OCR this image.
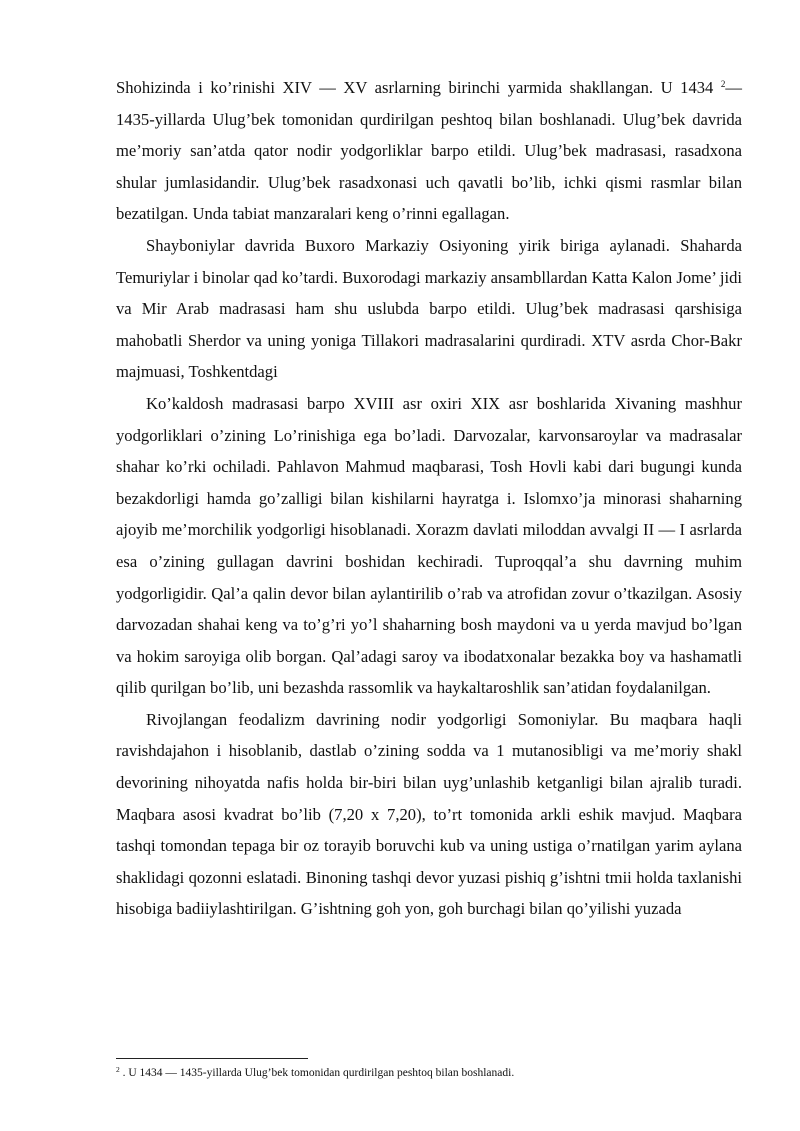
Shohizinda i ko’rinishi XIV — XV asrlarning birinchi yarmida shakllangan. U 1434 $^2$— 1435-yillarda Ulug’bek tomonidan qurdirilgan peshtoq bilan boshlanadi. Ulug’bek davrida me’moriy san’atda qator nodir yodgorliklar barpo etildi. Ulug’bek madrasasi, rasadxona shular jumlasidandir. Ulug’bek rasadxonasi uch qavatli bo’lib, ichki qismi rasmlar bilan bezatilgan. Unda tabiat manzaralari keng o’rinni egallagan.

Shayboniylar davrida Buxoro Markaziy Osiyoning yirik biriga aylanadi. Shaharda Temuriylar i binolar qad ko’tardi. Buxorodagi markaziy ansambllardan Katta Kalon Jome’ jidi va Mir Arab madrasasi ham shu uslubda barpo etildi. Ulug’bek madrasasi qarshisiga mahobatli Sherdor va uning yoniga Tillakori madrasalarini qurdiradi. XTV asrda Chor-Bakr majmuasi, Toshkentdagi

Ko’kaldosh madrasasi barpo XVIII asr oxiri XIX asr boshlarida Xivaning mashhur yodgorliklari o’zining Lo’rinishiga ega bo’ladi. Darvozalar, karvonsaroylar va madrasalar shahar ko’rki ochiladi. Pahlavon Mahmud maqbarasi, Tosh Hovli kabi dari bugungi kunda bezakdorligi hamda go’zalligi bilan kishilarni hayratga i. Islomxo’ja minorasi shaharning ajoyib me’morchilik yodgorligi hisoblanadi. Xorazm davlati miloddan avvalgi II — I asrlarda esa o’zining gullagan davrini boshidan kechiradi. Tuproqqal’a shu davrning muhim yodgorligidir. Qal’a qalin devor bilan aylantirilib o’rab va atrofidan zovur o’tkazilgan. Asosiy darvozadan shahai keng va to’g’ri yo’l shaharning bosh maydoni va u yerda mavjud bo’lgan va hokim saroyiga olib borgan. Qal’adagi saroy va ibodatxonalar bezakka boy va hashamatli qilib qurilgan bo’lib, uni bezashda rassomlik va haykaltaroshlik san’atidan foydalanilgan.

Rivojlangan feodalizm davrining nodir yodgorligi Somoniylar. Bu maqbara haqli ravishdajahon i hisoblanib, dastlab o’zining sodda va 1 mutanosibligi va me’moriy shakl devorining nihoyatda nafis holda bir-biri bilan uyg’unlashib ketganligi bilan ajralib turadi. Maqbara asosi kvadrat bo’lib (7,20 x 7,20), to’rt tomonida arkli eshik mavjud. Maqbara tashqi tomondan tepaga bir oz torayib boruvchi kub va uning ustiga o’rnatilgan yarim aylana shaklidagi qozonni eslatadi. Binoning tashqi devor yuzasi pishiq g’ishtni tmii holda taxlanishi hisobiga badiiylashtirilgan. G’ishtning goh yon, goh burchagi bilan qo’yilishi yuzada

$^2$ . U 1434 — 1435-yillarda Ulug’bek tomonidan qurdirilgan peshtoq bilan boshlanadi.
